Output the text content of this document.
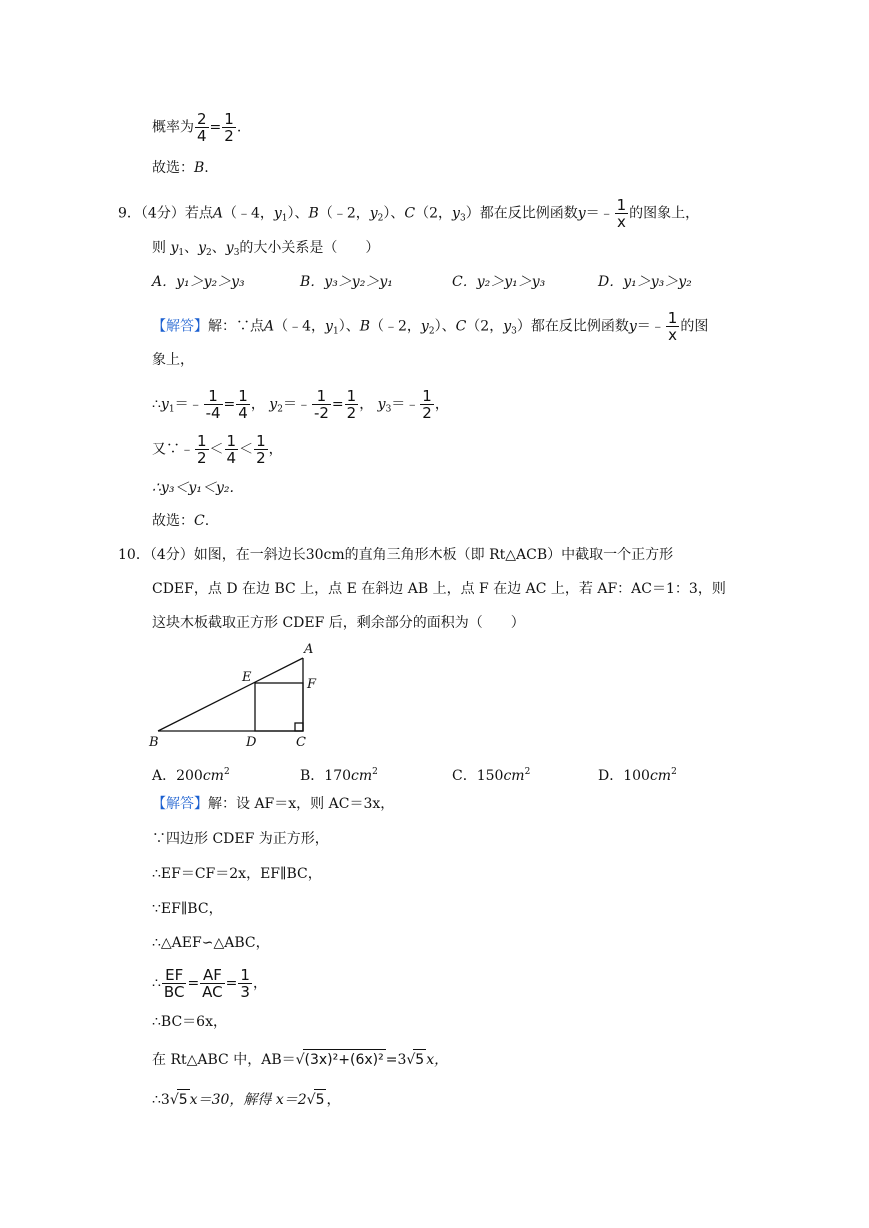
概率为 $\frac{2}{4} = \frac{1}{2}$ .
故选：B.
9．（4分）若点A（﹣4，$y_1$）、B（﹣2，$y_2$）、C（2，$y_3$）都在反比例函数y＝﹣ $\frac{1}{x}$ 的图象上，
则 $y_1$、$y_2$、$y_3$的大小关系是（　　）
A．y₁＞y₂＞y₃	B．y₃＞y₂＞y₁	C．y₂＞y₁＞y₃	D．y₁＞y₃＞y₂
【解答】解：∵点A（﹣4，$y_1$）、B（﹣2，$y_2$）、C（2，$y_3$）都在反比例函数y＝﹣ $\frac{1}{x}$ 的图
象上，
$\therefore y_1=﹣ \frac{1}{-4} = \frac{1}{4}$ ， $y_2=﹣ \frac{1}{-2} = \frac{1}{2}$ ， $y_3=﹣ \frac{1}{2}$ ，
又∵﹣ $\frac{1}{2} < \frac{1}{4} < \frac{1}{2}$ ，
∴y₃＜y₁＜y₂.
故选：C.
10．（4分）如图，在一斜边长30cm的直角三角形木板（即 Rt△ACB）中截取一个正方形
CDEF，点 D 在边 BC 上，点 E 在斜边 AB 上，点 F 在边 AC 上，若 AF：AC＝1：3，则
这块木板截取正方形 CDEF 后，剩余部分的面积为（　　）
A
B	C
D
E	F
A．$200cm^2$	B．$170cm^2$	C．$150cm^2$	D．$100cm^2$
【解答】解：设 AF＝x，则 AC＝3x，
∵四边形 CDEF 为正方形，
∴EF＝CF＝2x，EF∥BC，
∵EF∥BC，
∴△AEF∽△ABC，
∴ $\frac{EF}{BC} = \frac{AF}{AC} = \frac{1}{3}$ ，
∴BC＝6x，
在 Rt△ABC 中，AB＝√(3x)²+(6x)² =3√5 x，
∴3√5 x＝30，解得 x＝2√5 ，
